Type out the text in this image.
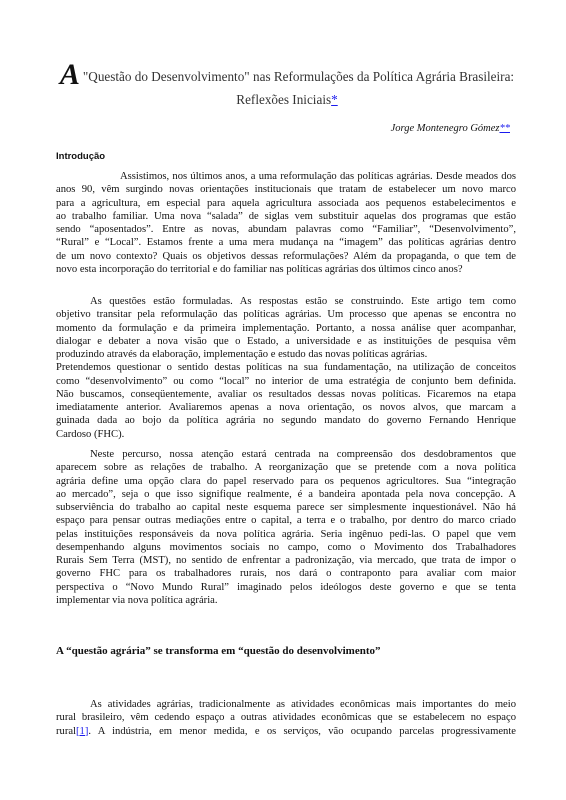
A "Questão do Desenvolvimento" nas Reformulações da Política Agrária Brasileira:
Reflexões Iniciais*
Jorge Montenegro Gómez**
Introdução
Assistimos, nos últimos anos, a uma reformulação das políticas agrárias. Desde meados dos
anos 90, vêm surgindo novas orientações institucionais que tratam de estabelecer um novo marco
para a agricultura, em especial para aquela agricultura associada aos pequenos estabelecimentos e
ao trabalho familiar. Uma nova “salada” de siglas vem substituir aquelas dos programas que estão
sendo “aposentados”. Entre as novas, abundam palavras como “Familiar”, “Desenvolvimento”,
“Rural” e “Local”. Estamos frente a uma mera mudança na “imagem” das políticas agrárias dentro
de um novo contexto? Quais os objetivos dessas reformulações? Além da propaganda, o que tem de
novo esta incorporação do territorial e do familiar nas políticas agrárias dos últimos cinco anos?
As questões estão formuladas. As respostas estão se construindo. Este artigo tem como
objetivo transitar pela reformulação das políticas agrárias. Um processo que apenas se encontra no
momento da formulação e da primeira implementação. Portanto, a nossa análise quer acompanhar,
dialogar e debater a nova visão que o Estado, a universidade e as instituições de pesquisa vêm
produzindo através da elaboração, implementação e estudo das novas políticas agrárias.
Pretendemos questionar o sentido destas políticas na sua fundamentação, na utilização de conceitos
como “desenvolvimento” ou como “local” no interior de uma estratégia de conjunto bem definida.
Não buscamos, conseqüentemente, avaliar os resultados dessas novas políticas. Ficaremos na etapa
imediatamente anterior. Avaliaremos apenas a nova orientação, os novos alvos, que marcam a
guinada dada ao bojo da política agrária no segundo mandato do governo Fernando Henrique
Cardoso (FHC).
Neste percurso, nossa atenção estará centrada na compreensão dos desdobramentos que
aparecem sobre as relações de trabalho. A reorganização que se pretende com a nova política
agrária define uma opção clara do papel reservado para os pequenos agricultores. Sua “integração
ao mercado”, seja o que isso signifique realmente, é a bandeira apontada pela nova concepção. A
subserviência do trabalho ao capital neste esquema parece ser simplesmente inquestionável. Não há
espaço para pensar outras mediações entre o capital, a terra e o trabalho, por dentro do marco criado
pelas instituições responsáveis da nova política agrária. Seria ingênuo pedi-las. O papel que vem
desempenhando alguns movimentos sociais no campo, como o Movimento dos Trabalhadores
Rurais Sem Terra (MST), no sentido de enfrentar a padronização, via mercado, que trata de impor o
governo FHC para os trabalhadores rurais, nos dará o contraponto para avaliar com maior
perspectiva o “Novo Mundo Rural” imaginado pelos ideólogos deste governo e que se tenta
implementar via nova política agrária.
A “questão agrária” se transforma em “questão do desenvolvimento”
As atividades agrárias, tradicionalmente as atividades econômicas mais importantes do meio
rural brasileiro, vêm cedendo espaço a outras atividades econômicas que se estabelecem no espaço
rural[1]. A indústria, em menor medida, e os serviços, vão ocupando parcelas progressivamente
